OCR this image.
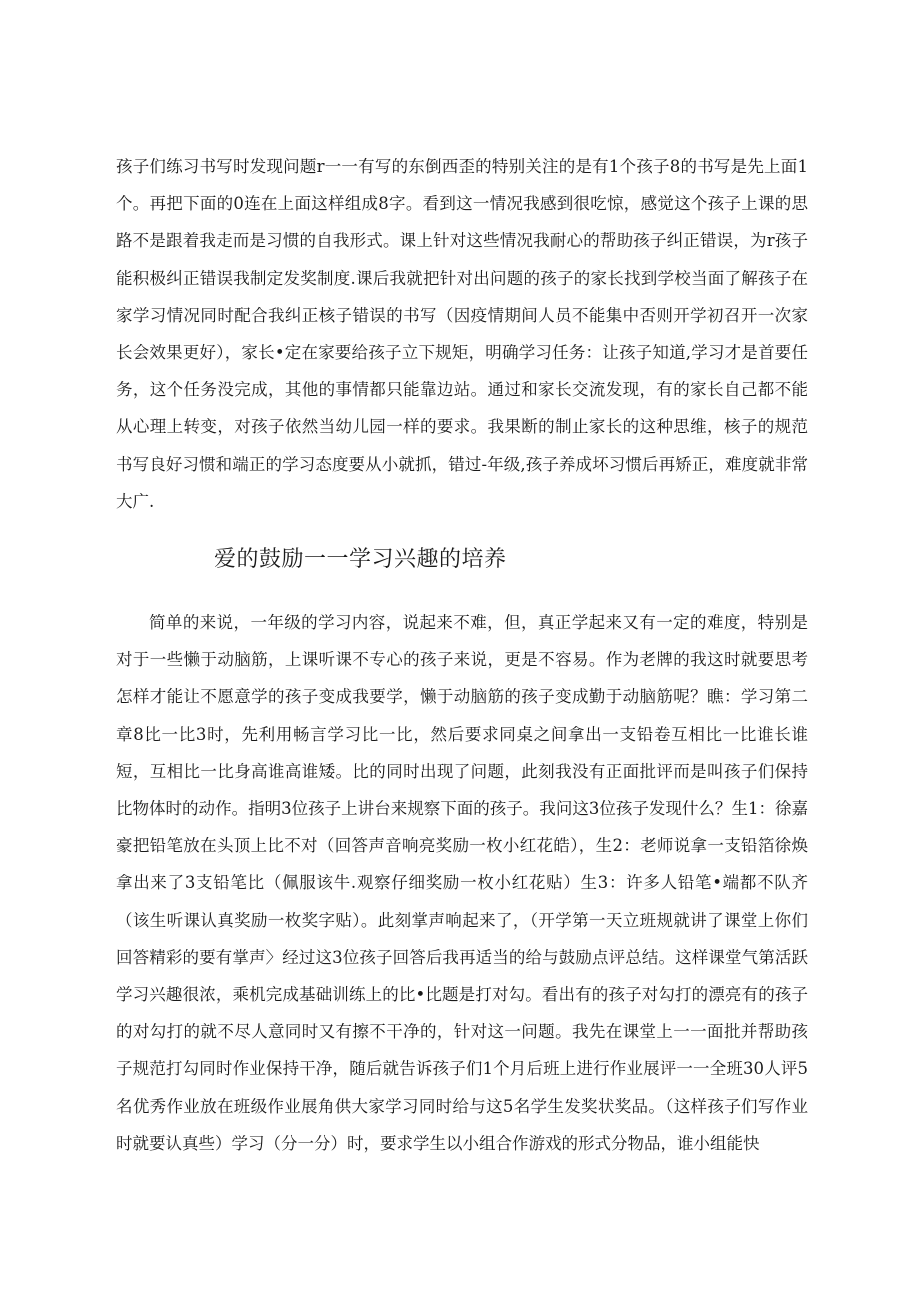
孩子们练习书写时发现问题r一一有写的东倒西歪的特别关注的是有1个孩子8的书写是先上面1个。再把下面的0连在上面这样组成8字。看到这一情况我感到很吃惊，感觉这个孩子上课的思路不是跟着我走而是习惯的自我形式。课上针对这些情况我耐心的帮助孩子纠正错误，为r孩子能积极纠正错误我制定发奖制度.课后我就把针对出问题的孩子的家长找到学校当面了解孩子在家学习情况同时配合我纠正核子错误的书写（因疫情期间人员不能集中否则开学初召开一次家长会效果更好），家长•定在家要给孩子立下规矩，明确学习任务：让孩子知道,学习才是首要任务，这个任务没完成，其他的事情都只能靠边站。通过和家长交流发现，有的家长自己都不能从心理上转变，对孩子依然当幼儿园一样的要求。我果断的制止家长的这种思维，核子的规范书写良好习惯和端正的学习态度要从小就抓，错过-年级,孩子养成坏习惯后再矫正，难度就非常大广.

爱的鼓励一一学习兴趣的培养

简单的来说，一年级的学习内容，说起来不难，但，真正学起来又有一定的难度，特别是对于一些懒于动脑筋，上课听课不专心的孩子来说，更是不容易。作为老牌的我这时就要思考怎样才能让不愿意学的孩子变成我要学，懒于动脑筋的孩子变成勤于动脑筋呢？瞧：学习第二章8比一比3时，先利用畅言学习比一比，然后要求同桌之间拿出一支铅卷互相比一比谁长谁短，互相比一比身高谁高谁矮。比的同时出现了问题，此刻我没有正面批评而是叫孩子们保持比物体时的动作。指明3位孩子上讲台来规察下面的孩子。我问这3位孩子发现什么？生1：徐嘉豪把铅笔放在头顶上比不对（回答声音响亮奖励一枚小红花皓），生2：老师说拿一支铅箔徐焕拿出来了3支铅笔比（佩服该牛.观察仔细奖励一枚小红花贴）生3：许多人铅笔•端都不队齐（该生听课认真奖励一枚奖字贴）。此刻掌声响起来了，（开学第一天立班规就讲了课堂上你们回答精彩的要有掌声〉经过这3位孩子回答后我再适当的给与鼓励点评总结。这样课堂气第活跃学习兴趣很浓，乘机完成基础训练上的比•比题是打对勾。看出有的孩子对勾打的漂亮有的孩子的对勾打的就不尽人意同时又有擦不干净的，针对这一问题。我先在课堂上一一面批并帮助孩子规范打勾同时作业保持干净，随后就告诉孩子们1个月后班上进行作业展评一一全班30人评5名优秀作业放在班级作业展角供大家学习同时给与这5名学生发奖状奖品。（这样孩子们写作业时就要认真些）学习（分一分）时，要求学生以小组合作游戏的形式分物品，谁小组能快
